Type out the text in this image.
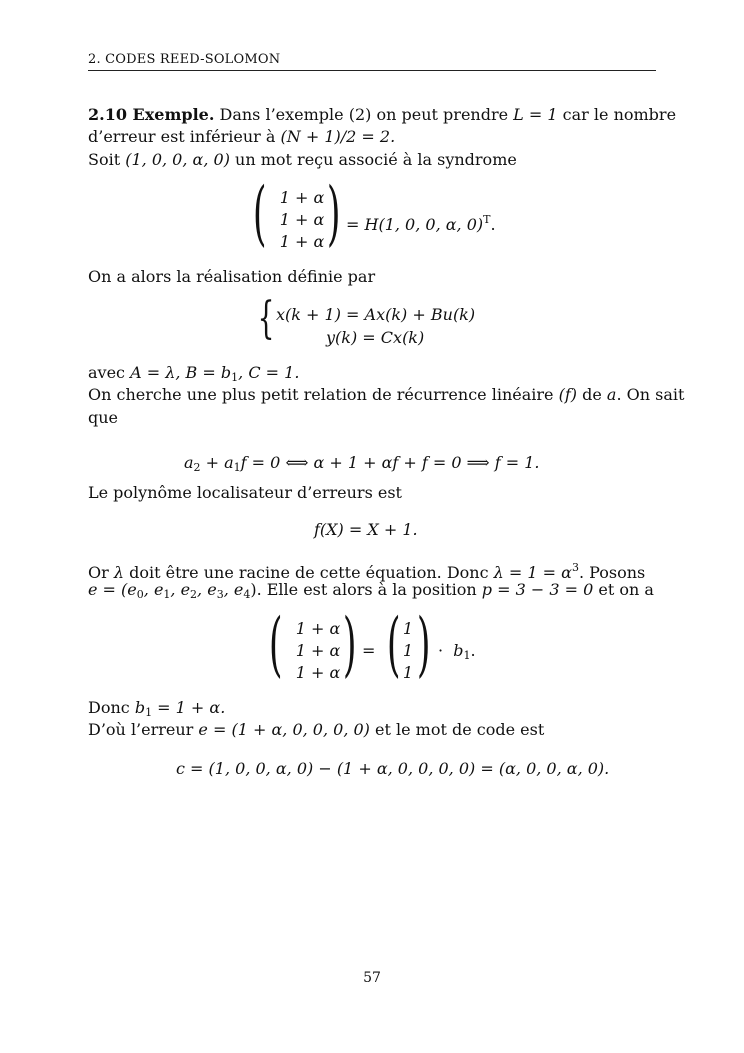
2. CODES REED-SOLOMON
2.10 Exemple. Dans l’exemple (2) on peut prendre L = 1 car le nombre
d’erreur est inférieur à (N + 1)/2 = 2.
Soit (1, 0, 0, α, 0) un mot reçu associé à la syndrome
( 1 + α
1 + α
1 + α ) = H(1, 0, 0, α, 0)$^T$.
On a alors la réalisation définie par
{ x(k + 1) = Ax(k) + Bu(k)
y(k) = Cx(k)
avec A = λ, $B = b_1$, C = 1.
On cherche une plus petit relation de récurrence linéaire (f) de a. On sait
que
$a_2 + a_1f = 0$ ⟺ α + 1 + αf + f = 0 ⟹ f = 1.
Le polynôme localisateur d’erreurs est
f(X) = X + 1.
Or λ doit être une racine de cette équation. Donc $\lambda = 1 = \alpha^3$. Posons
$e = (e_0$, $e_1$, $e_2$, $e_3$, $e_4$). Elle est alors à la position p = 3 − 3 = 0 et on a
( 1 + α
1 + α
1 + α ) = ( 1
1
1 ) · $b_1$.
Donc $b_1 = 1 + \alpha$.
D’où l’erreur e = (1 + α, 0, 0, 0, 0) et le mot de code est
c = (1, 0, 0, α, 0) − (1 + α, 0, 0, 0, 0) = (α, 0, 0, α, 0).
57
